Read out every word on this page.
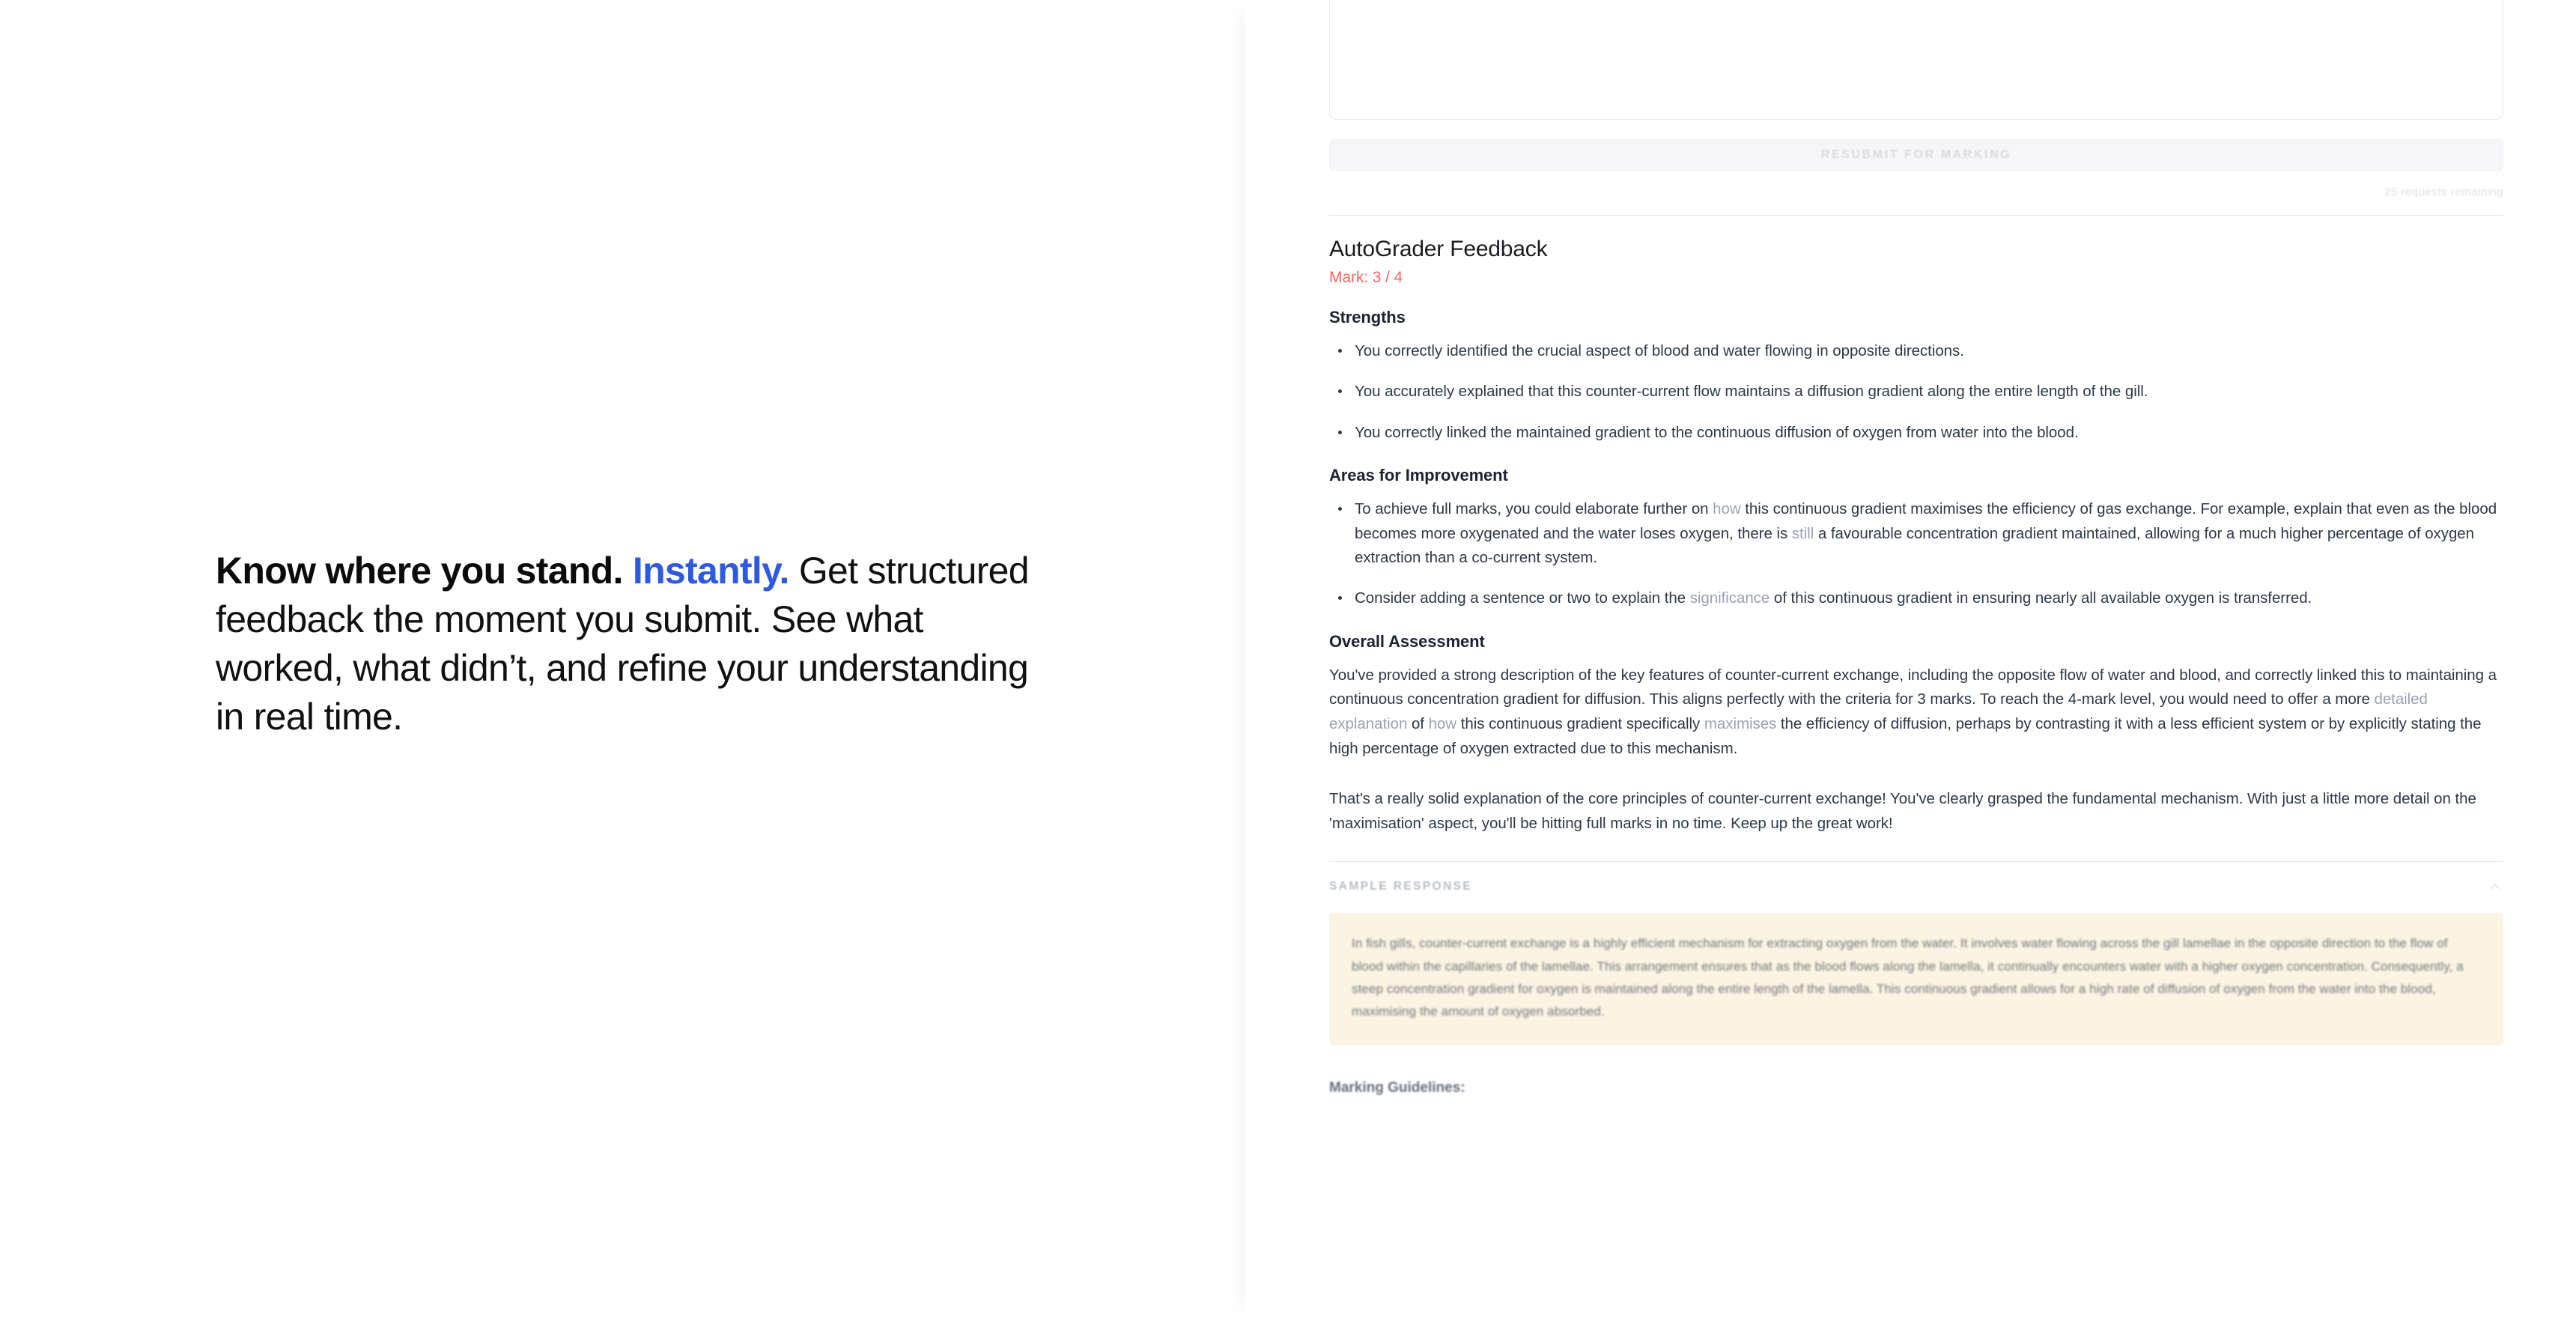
Know where you stand. Instantly. Get structured feedback the moment you submit. See what worked, what didn’t, and refine your understanding in real time.
RESUBMIT FOR MARKING
25 requests remaining
AutoGrader Feedback
Mark: 3 / 4
Strengths
You correctly identified the crucial aspect of blood and water flowing in opposite directions.
You accurately explained that this counter-current flow maintains a diffusion gradient along the entire length of the gill.
You correctly linked the maintained gradient to the continuous diffusion of oxygen from water into the blood.
Areas for Improvement
To achieve full marks, you could elaborate further on how this continuous gradient maximises the efficiency of gas exchange. For example, explain that even as the blood becomes more oxygenated and the water loses oxygen, there is still a favourable concentration gradient maintained, allowing for a much higher percentage of oxygen extraction than a co-current system.
Consider adding a sentence or two to explain the significance of this continuous gradient in ensuring nearly all available oxygen is transferred.
Overall Assessment

You've provided a strong description of the key features of counter-current exchange, including the opposite flow of water and blood, and correctly linked this to maintaining a continuous concentration gradient for diffusion. This aligns perfectly with the criteria for 3 marks. To reach the 4-mark level, you would need to offer a more detailed explanation of how this continuous gradient specifically maximises the efficiency of diffusion, perhaps by contrasting it with a less efficient system or by explicitly stating the high percentage of oxygen extracted due to this mechanism.

That's a really solid explanation of the core principles of counter-current exchange! You've clearly grasped the fundamental mechanism. With just a little more detail on the 'maximisation' aspect, you'll be hitting full marks in no time. Keep up the great work!

SAMPLE RESPONSE
In fish gills, counter-current exchange is a highly efficient mechanism for extracting oxygen from the water. It involves water flowing across the gill lamellae in the opposite direction to the flow of blood within the capillaries of the lamellae. This arrangement ensures that as the blood flows along the lamella, it continually encounters water with a higher oxygen concentration. Consequently, a steep concentration gradient for oxygen is maintained along the entire length of the lamella. This continuous gradient allows for a high rate of diffusion of oxygen from the water into the blood, maximising the amount of oxygen absorbed.
Marking Guidelines:
